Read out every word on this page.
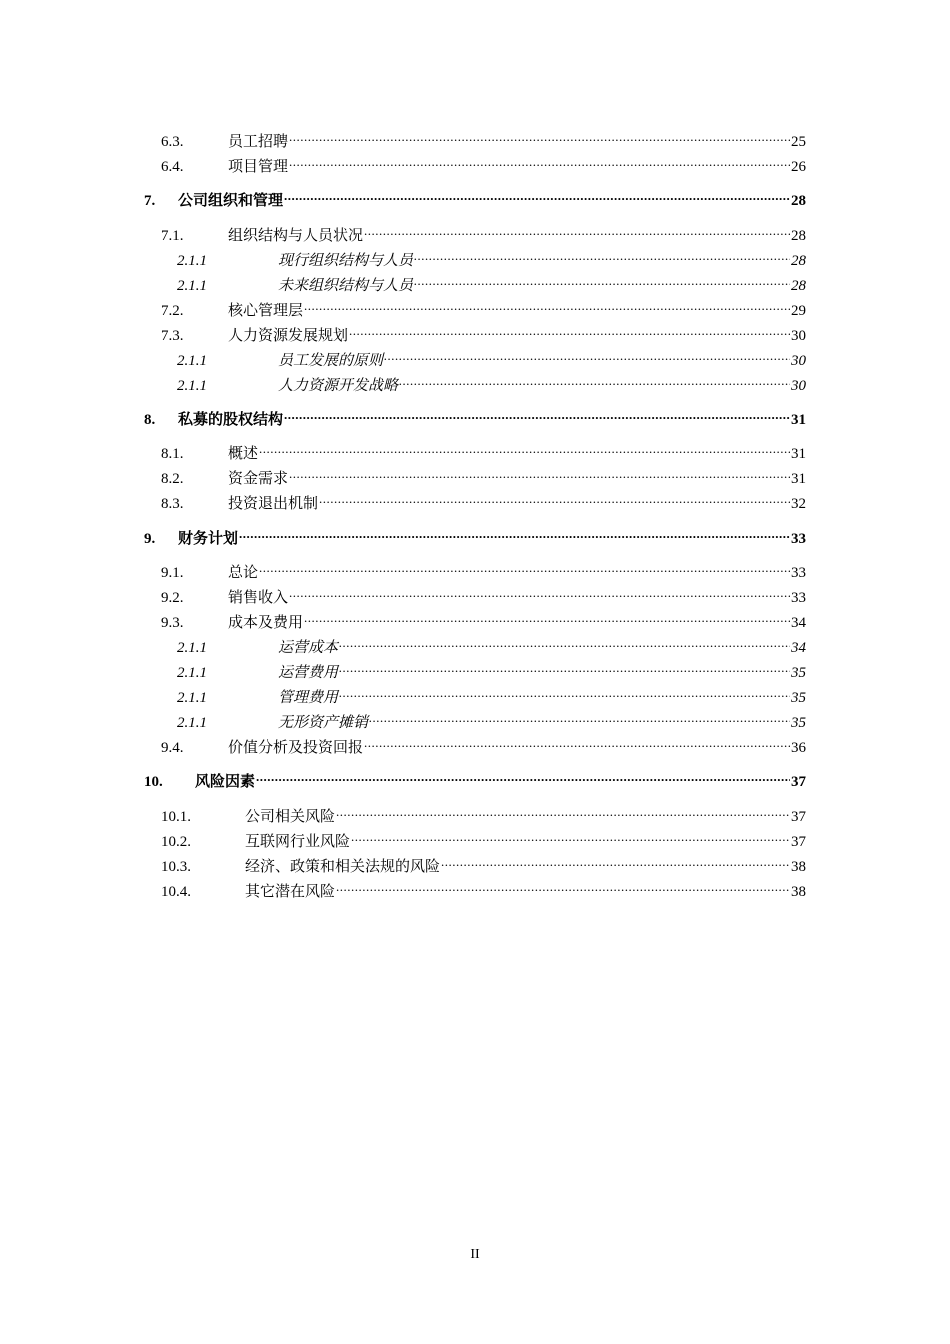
6.3.	员工招聘 .....	25
6.4.	项目管理 .....	26
7.	公司组织和管理 .....	28
7.1.	组织结构与人员状况 .....	28
2.1.1	现行组织结构与人员 .....	28
2.1.1	未来组织结构与人员 .....	28
7.2.	核心管理层 .....	29
7.3.	人力资源发展规划 .....	30
2.1.1	员工发展的原则 .....	30
2.1.1	人力资源开发战略 .....	30
8.	私募的股权结构 .....	31
8.1.	概述 .....	31
8.2.	资金需求 .....	31
8.3.	投资退出机制 .....	32
9.	财务计划 .....	33
9.1.	总论 .....	33
9.2.	销售收入 .....	33
9.3.	成本及费用 .....	34
2.1.1	运营成本 .....	34
2.1.1	运营费用 .....	35
2.1.1	管理费用 .....	35
2.1.1	无形资产摊销 .....	35
9.4.	价值分析及投资回报 .....	36
10.	风险因素 .....	37
10.1.	公司相关风险 .....	37
10.2.	互联网行业风险 .....	37
10.3.	经济、政策和相关法规的风险 .....	38
10.4.	其它潜在风险 .....	38
II
